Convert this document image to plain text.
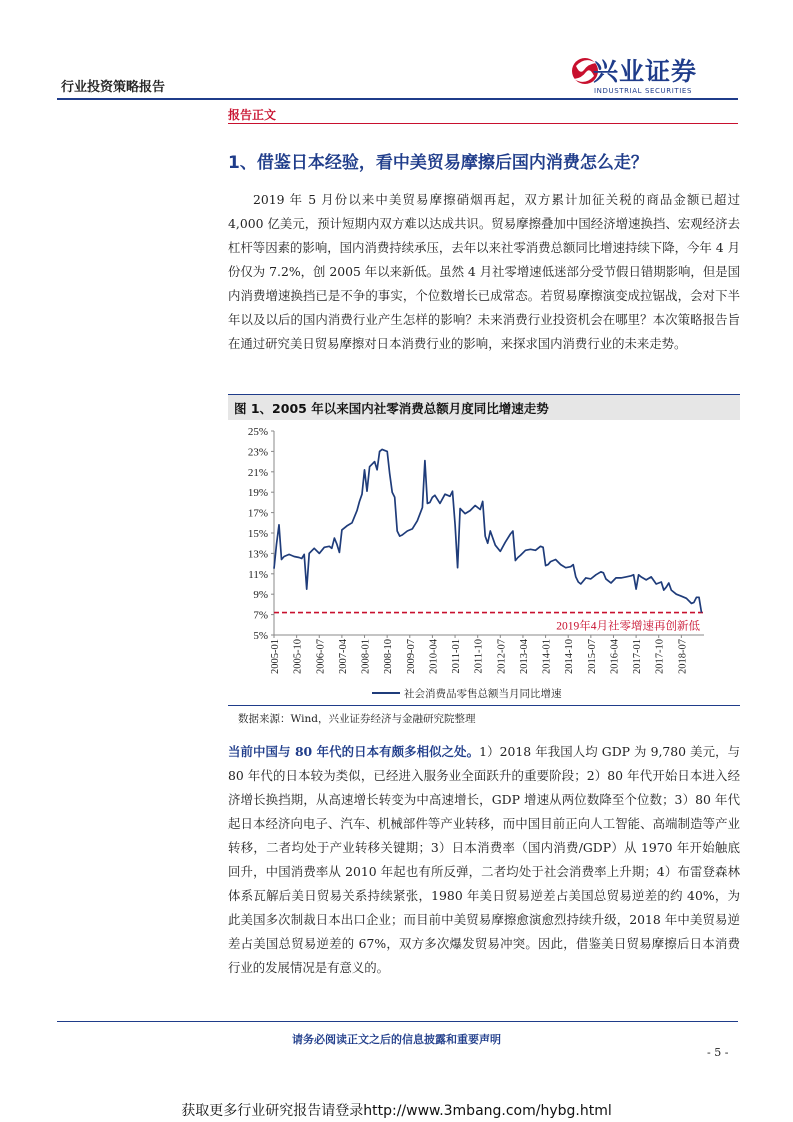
行业投资策略报告
兴业证券
INDUSTRIAL SECURITIES
报告正文
1、借鉴日本经验，看中美贸易摩擦后国内消费怎么走？

2019 年 5 月份以来中美贸易摩擦硝烟再起，双方累计加征关税的商品金额已超过 4,000 亿美元，预计短期内双方难以达成共识。贸易摩擦叠加中国经济增速换挡、宏观经济去杠杆等因素的影响，国内消费持续承压，去年以来社零消费总额同比增速持续下降，今年 4 月份仅为 7.2%，创 2005 年以来新低。虽然 4 月社零增速低迷部分受节假日错期影响，但是国内消费增速换挡已是不争的事实，个位数增长已成常态。若贸易摩擦演变成拉锯战，会对下半年以及以后的国内消费行业产生怎样的影响？未来消费行业投资机会在哪里？本次策略报告旨在通过研究美日贸易摩擦对日本消费行业的影响，来探求国内消费行业的未来走势。

图 1、2005 年以来国内社零消费总额月度同比增速走势
25%
23%
21%
19%
17%
15%
13%
11%
9%
7%
5%
2005-01 2005-10 2006-07 2007-04 2008-01 2008-10 2009-07 2010-04 2011-01 2011-10 2012-07 2013-04 2014-01 2014-10 2015-07 2016-04 2017-01 2017-10 2018-07
2019年4月社零增速再创新低
社会消费品零售总额当月同比增速
数据来源：Wind，兴业证券经济与金融研究院整理

当前中国与 80 年代的日本有颇多相似之处。1）2018 年我国人均 GDP 为 9,780 美元，与 80 年代的日本较为类似，已经进入服务业全面跃升的重要阶段；2）80 年代开始日本进入经济增长换挡期，从高速增长转变为中高速增长，GDP 增速从两位数降至个位数；3）80 年代起日本经济向电子、汽车、机械部件等产业转移，而中国目前正向人工智能、高端制造等产业转移，二者均处于产业转移关键期；3）日本消费率（国内消费/GDP）从 1970 年开始触底回升，中国消费率从 2010 年起也有所反弹，二者均处于社会消费率上升期；4）布雷登森林体系瓦解后美日贸易关系持续紧张，1980 年美日贸易逆差占美国总贸易逆差的约 40%，为此美国多次制裁日本出口企业；而目前中美贸易摩擦愈演愈烈持续升级，2018 年中美贸易逆差占美国总贸易逆差的 67%，双方多次爆发贸易冲突。因此，借鉴美日贸易摩擦后日本消费行业的发展情况是有意义的。

请务必阅读正文之后的信息披露和重要声明
- 5 -
获取更多行业研究报告请登录http://www.3mbang.com/hybg.html
